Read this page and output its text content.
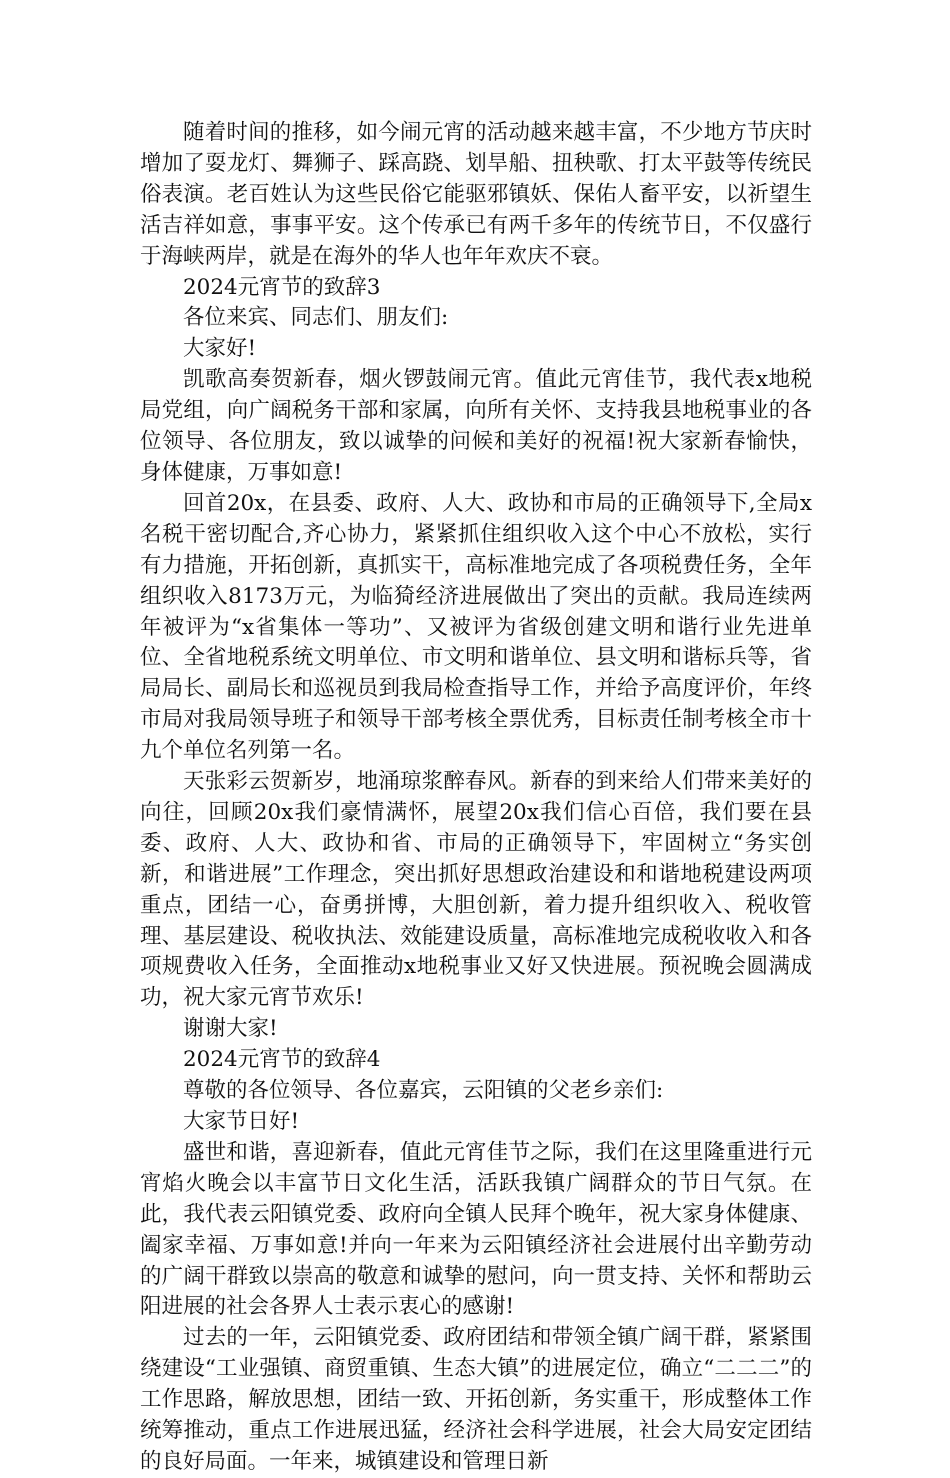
随着时间的推移，如今闹元宵的活动越来越丰富，不少地方节庆时增加了耍龙灯、舞狮子、踩高跷、划旱船、扭秧歌、打太平鼓等传统民俗表演。老百姓认为这些民俗它能驱邪镇妖、保佑人畜平安，以祈望生活吉祥如意，事事平安。这个传承已有两千多年的传统节日，不仅盛行于海峡两岸，就是在海外的华人也年年欢庆不衰。

2024元宵节的致辞3

各位来宾、同志们、朋友们:

大家好!

凯歌高奏贺新春，烟火锣鼓闹元宵。值此元宵佳节，我代表x地税局党组，向广阔税务干部和家属，向所有关怀、支持我县地税事业的各位领导、各位朋友，致以诚挚的问候和美好的祝福!祝大家新春愉快，身体健康，万事如意!

回首20x，在县委、政府、人大、政协和市局的正确领导下,全局x名税干密切配合,齐心协力，紧紧抓住组织收入这个中心不放松，实行有力措施，开拓创新，真抓实干，高标准地完成了各项税费任务，全年组织收入8173万元，为临猗经济进展做出了突出的贡献。我局连续两年被评为“x省集体一等功”、又被评为省级创建文明和谐行业先进单位、全省地税系统文明单位、市文明和谐单位、县文明和谐标兵等，省局局长、副局长和巡视员到我局检查指导工作，并给予高度评价，年终市局对我局领导班子和领导干部考核全票优秀，目标责任制考核全市十九个单位名列第一名。

天张彩云贺新岁，地涌琼浆醉春风。新春的到来给人们带来美好的向往，回顾20x我们豪情满怀，展望20x我们信心百倍，我们要在县委、政府、人大、政协和省、市局的正确领导下，牢固树立“务实创新，和谐进展”工作理念，突出抓好思想政治建设和和谐地税建设两项重点，团结一心，奋勇拼博，大胆创新，着力提升组织收入、税收管理、基层建设、税收执法、效能建设质量，高标准地完成税收收入和各项规费收入任务，全面推动x地税事业又好又快进展。预祝晚会圆满成功，祝大家元宵节欢乐!

谢谢大家!

2024元宵节的致辞4

尊敬的各位领导、各位嘉宾，云阳镇的父老乡亲们:

大家节日好!

盛世和谐，喜迎新春，值此元宵佳节之际，我们在这里隆重进行元宵焰火晚会以丰富节日文化生活，活跃我镇广阔群众的节日气氛。在此，我代表云阳镇党委、政府向全镇人民拜个晚年，祝大家身体健康、阖家幸福、万事如意!并向一年来为云阳镇经济社会进展付出辛勤劳动的广阔干群致以崇高的敬意和诚挚的慰问，向一贯支持、关怀和帮助云阳进展的社会各界人士表示衷心的感谢!

过去的一年，云阳镇党委、政府团结和带领全镇广阔干群，紧紧围绕建设“工业强镇、商贸重镇、生态大镇”的进展定位，确立“二二二”的工作思路，解放思想，团结一致、开拓创新，务实重干，形成整体工作统筹推动，重点工作进展迅猛，经济社会科学进展，社会大局安定团结的良好局面。一年来，城镇建设和管理日新
